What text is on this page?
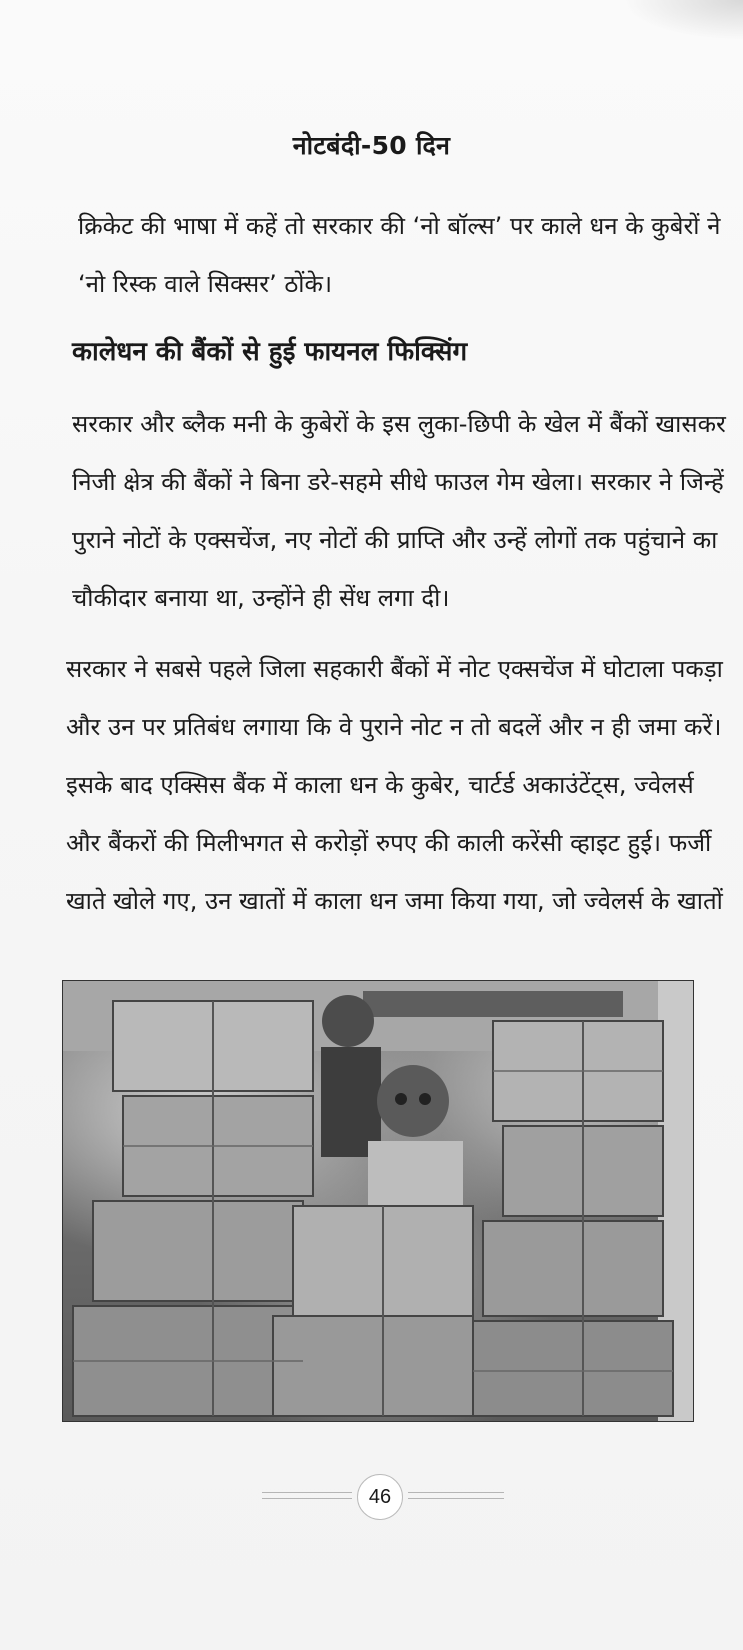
नोटबंदी-50 दिन
क्रिकेट की भाषा में कहें तो सरकार की ‘नो बॉल्स’ पर काले धन के कुबेरों ने
‘नो रिस्क वाले सिक्सर’ ठोंके।
कालेधन की बैंकों से हुई फायनल फिक्सिंग
सरकार और ब्लैक मनी के कुबेरों के इस लुका-छिपी के खेल में बैंकों खासकर
निजी क्षेत्र की बैंकों ने बिना डरे-सहमे सीधे फाउल गेम खेला। सरकार ने जिन्हें
पुराने नोटों के एक्सचेंज, नए नोटों की प्राप्ति और उन्हें लोगों तक पहुंचाने का
चौकीदार बनाया था, उन्होंने ही सेंध लगा दी।
सरकार ने सबसे पहले जिला सहकारी बैंकों में नोट एक्सचेंज में घोटाला पकड़ा
और उन पर प्रतिबंध लगाया कि वे पुराने नोट न तो बदलें और न ही जमा करें।
इसके बाद एक्सिस बैंक में काला धन के कुबेर, चार्टर्ड अकाउंटेंट्स, ज्वेलर्स
और बैंकरों की मिलीभगत से करोड़ों रुपए की काली करेंसी व्हाइट हुई। फर्जी
खाते खोले गए, उन खातों में काला धन जमा किया गया, जो ज्वेलर्स के खातों
46
